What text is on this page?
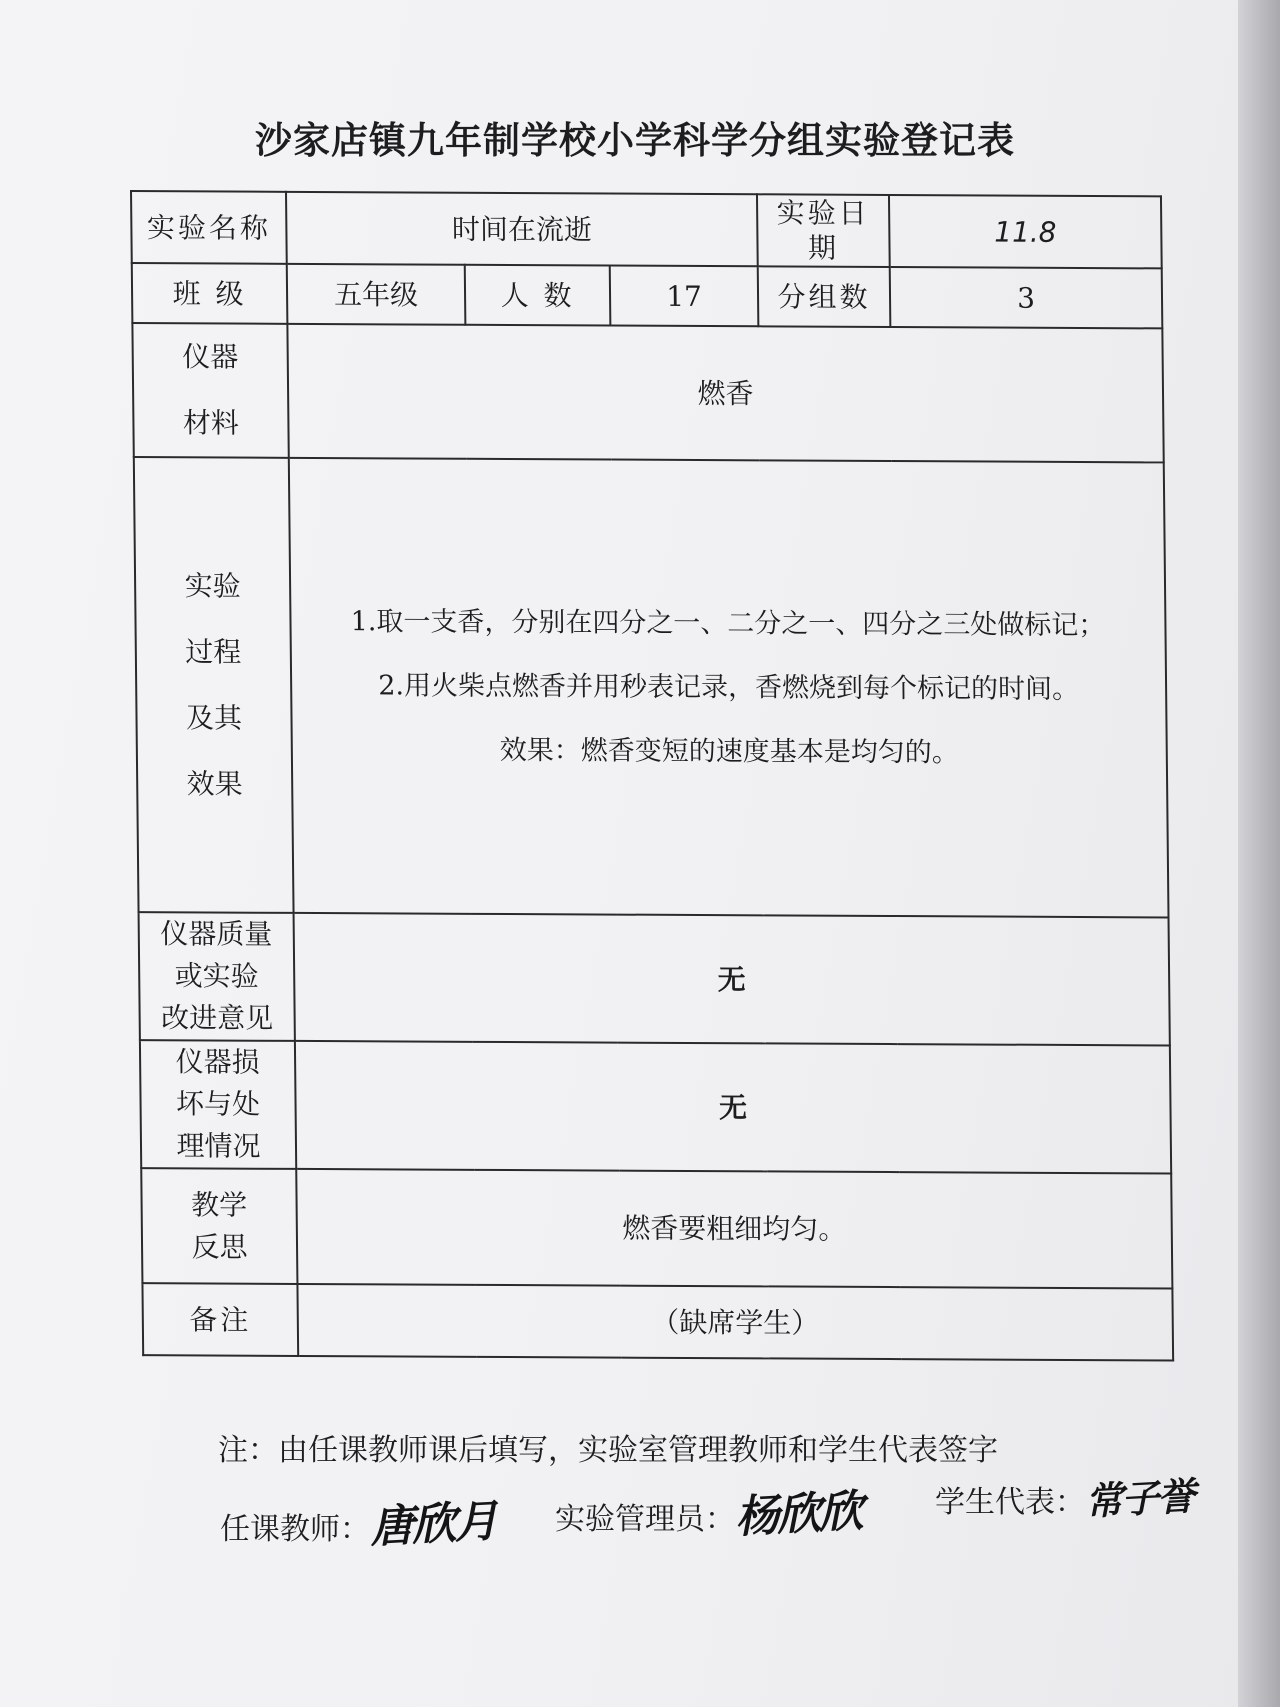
沙家店镇九年制学校小学科学分组实验登记表
实验名称	时间在流逝			实验日期	11.8
班 级	五年级	人 数	17	分组数	3

仪器
材料	燃香				

实验
过程
及其
效果	1.取一支香，分别在四分之一、二分之一、四分之三处做标记；
2.用火柴点燃香并用秒表记录，香燃烧到每个标记的时间。
效果：燃香变短的速度基本是均匀的。				

仪器质量
或实验
改进意见	无				

仪器损
坏与处
理情况	无				

教学
反思	燃香要粗细均匀。				
备注	（缺席学生）				
注：由任课教师课后填写，实验室管理教师和学生代表签字
任课教师：唐欣月 实验管理员：杨欣欣 学生代表：常子誉
